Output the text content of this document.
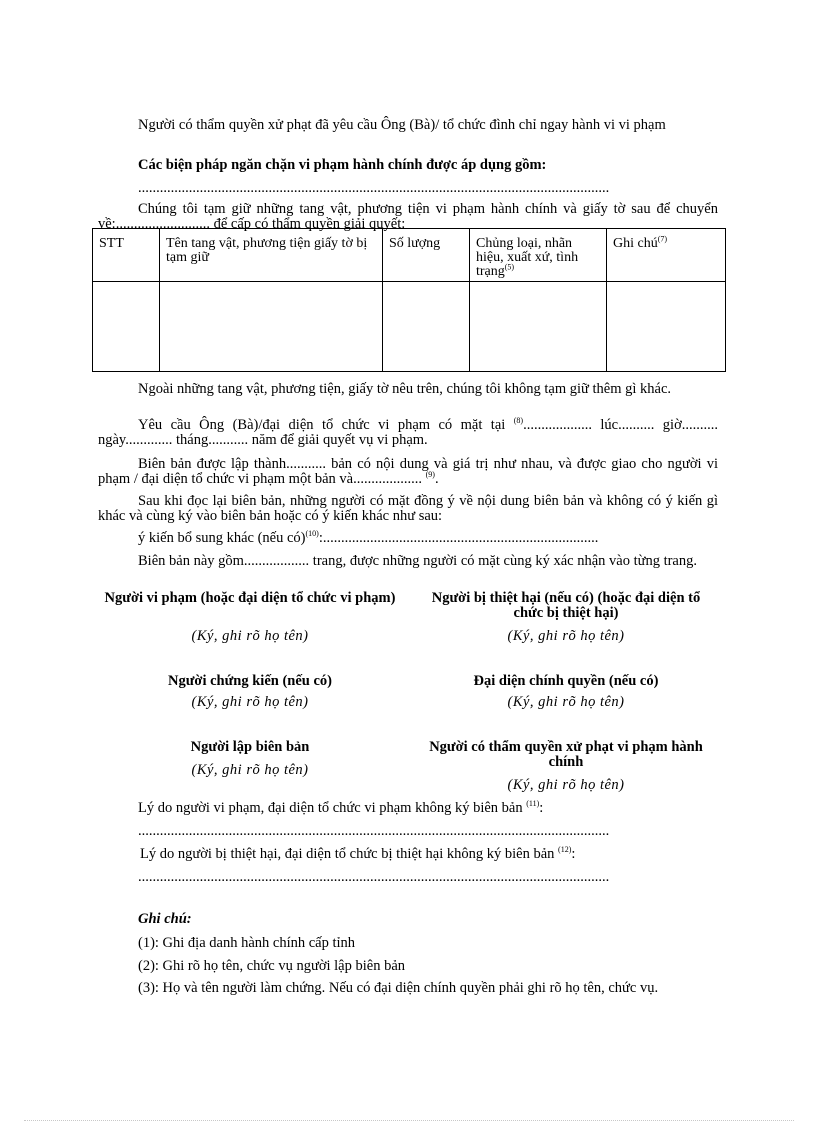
Người có thẩm quyền xử phạt đã yêu cầu Ông (Bà)/ tổ chức đình chỉ ngay hành vi vi phạm
Các biện pháp ngăn chặn vi phạm hành chính được áp dụng gồm:
..................................................................................................................................
Chúng tôi tạm giữ những tang vật, phương tiện vi phạm hành chính và giấy tờ sau để chuyển về:.......................... để cấp có thẩm quyền giải quyết:
STT	Tên tang vật, phương tiện giấy tờ bị tạm giữ	Số lượng	Chủng loại, nhãn hiệu, xuất xứ, tình trạng$^{(5)}$	Ghi chú$^{(7)}$

Ngoài những tang vật, phương tiện, giấy tờ nêu trên, chúng tôi không tạm giữ thêm gì khác.
Yêu cầu Ông (Bà)/đại diện tổ chức vi phạm có mặt tại $^{(8)}$................... lúc.......... giờ.......... ngày............. tháng........... năm để giải quyết vụ vi phạm.
Biên bản được lập thành........... bản có nội dung và giá trị như nhau, và được giao cho người vi phạm / đại diện tổ chức vi phạm một bản và................... $^{(9)}$.
Sau khi đọc lại biên bản, những người có mặt đồng ý về nội dung biên bản và không có ý kiến gì khác và cùng ký vào biên bản hoặc có ý kiến khác như sau:
ý kiến bổ sung khác (nếu có)$^{(10)}$:............................................................................
Biên bản này gồm.................. trang, được những người có mặt cùng ký xác nhận vào từng trang.
Người vi phạm (hoặc đại diện tổ chức vi phạm)
(Ký, ghi rõ họ tên)
Người bị thiệt hại (nếu có) (hoặc đại diện tổ chức bị thiệt hại)
(Ký, ghi rõ họ tên)
Người chứng kiến (nếu có)
(Ký, ghi rõ họ tên)
Đại diện chính quyền (nếu có)
(Ký, ghi rõ họ tên)
Người lập biên bản
(Ký, ghi rõ họ tên)
Người có thẩm quyền xử phạt vi phạm hành chính
(Ký, ghi rõ họ tên)
Lý do người vi phạm, đại diện tổ chức vi phạm không ký biên bản $^{(11)}$:
..................................................................................................................................
Lý do người bị thiệt hại, đại diện tổ chức bị thiệt hại không ký biên bản $^{(12)}$:
..................................................................................................................................
Ghi chú:
(1): Ghi địa danh hành chính cấp tỉnh
(2): Ghi rõ họ tên, chức vụ người lập biên bản
(3): Họ và tên người làm chứng. Nếu có đại diện chính quyền phải ghi rõ họ tên, chức vụ.
